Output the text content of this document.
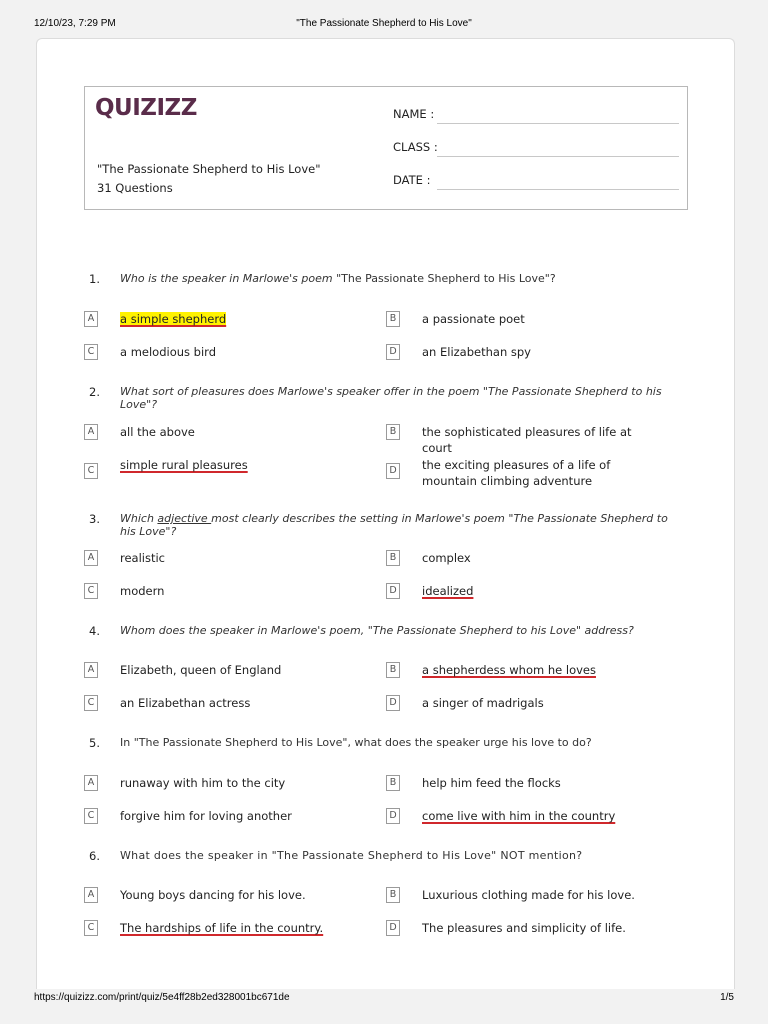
12/10/23, 7:29 PM	"The Passionate Shepherd to His Love"
QUIZIZZ
"The Passionate Shepherd to His Love"
31 Questions
NAME :
CLASS :
DATE :
1.	Who is the speaker in Marlowe's poem "The Passionate Shepherd to His Love"?
A	a simple shepherd	B	a passionate poet
C	a melodious bird	D an Elizabethan spy
2.	What sort of pleasures does Marlowe's speaker offer in the poem "The Passionate Shepherd to his Love"?
A	all the above	B	the sophisticated pleasures of life at court
C	simple rural pleasures	D the exciting pleasures of a life of mountain climbing adventure
3.	Which adjective most clearly describes the setting in Marlowe's poem "The Passionate Shepherd to his Love"?
A	realistic	B	complex
C	modern	D idealized
4.	Whom does the speaker in Marlowe's poem, "The Passionate Shepherd to his Love" address?
A	Elizabeth, queen of England	B	a shepherdess whom he loves
C	an Elizabethan actress	D a singer of madrigals
5.	In "The Passionate Shepherd to His Love", what does the speaker urge his love to do?
A	runaway with him to the city	B	help him feed the flocks
C	forgive him for loving another	D come live with him in the country
6.	What does the speaker in "The Passionate Shepherd to His Love" NOT mention?
A	Young boys dancing for his love.	B	Luxurious clothing made for his love.
C	The hardships of life in the country.	D The pleasures and simplicity of life.
https://quizizz.com/print/quiz/5e4ff28b2ed328001bc671de	1/5
